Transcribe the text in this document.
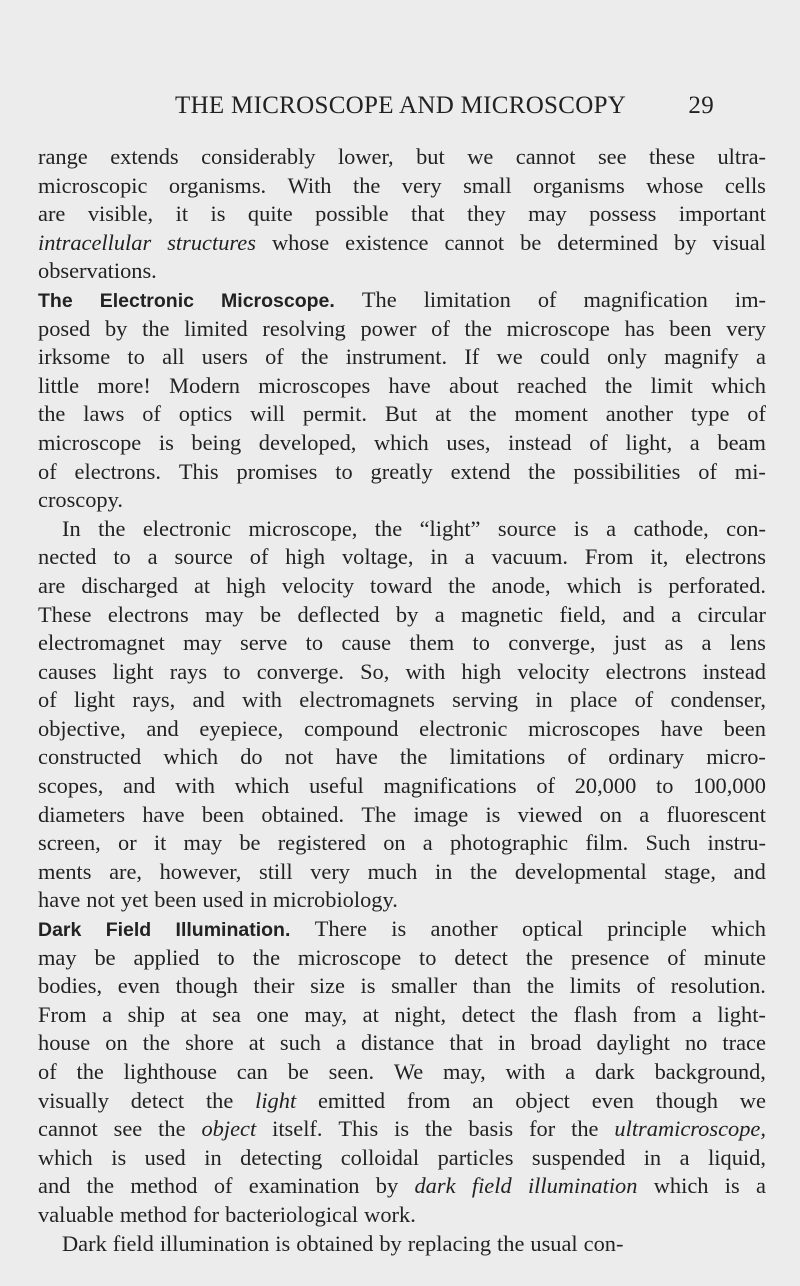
THE MICROSCOPE AND MICROSCOPY 29
range extends considerably lower, but we cannot see these ultra-
microscopic organisms. With the very small organisms whose cells
are visible, it is quite possible that they may possess important
intracellular structures whose existence cannot be determined by visual
observations.
The Electronic Microscope. The limitation of magnification im-
posed by the limited resolving power of the microscope has been very
irksome to all users of the instrument. If we could only magnify a
little more! Modern microscopes have about reached the limit which
the laws of optics will permit. But at the moment another type of
microscope is being developed, which uses, instead of light, a beam
of electrons. This promises to greatly extend the possibilities of mi-
croscopy.
In the electronic microscope, the “light” source is a cathode, con-
nected to a source of high voltage, in a vacuum. From it, electrons
are discharged at high velocity toward the anode, which is perforated.
These electrons may be deflected by a magnetic field, and a circular
electromagnet may serve to cause them to converge, just as a lens
causes light rays to converge. So, with high velocity electrons instead
of light rays, and with electromagnets serving in place of condenser,
objective, and eyepiece, compound electronic microscopes have been
constructed which do not have the limitations of ordinary micro-
scopes, and with which useful magnifications of 20,000 to 100,000
diameters have been obtained. The image is viewed on a fluorescent
screen, or it may be registered on a photographic film. Such instru-
ments are, however, still very much in the developmental stage, and
have not yet been used in microbiology.
Dark Field Illumination. There is another optical principle which
may be applied to the microscope to detect the presence of minute
bodies, even though their size is smaller than the limits of resolution.
From a ship at sea one may, at night, detect the flash from a light-
house on the shore at such a distance that in broad daylight no trace
of the lighthouse can be seen. We may, with a dark background,
visually detect the light emitted from an object even though we
cannot see the object itself. This is the basis for the ultramicroscope,
which is used in detecting colloidal particles suspended in a liquid,
and the method of examination by dark field illumination which is a
valuable method for bacteriological work.
Dark field illumination is obtained by replacing the usual con-
